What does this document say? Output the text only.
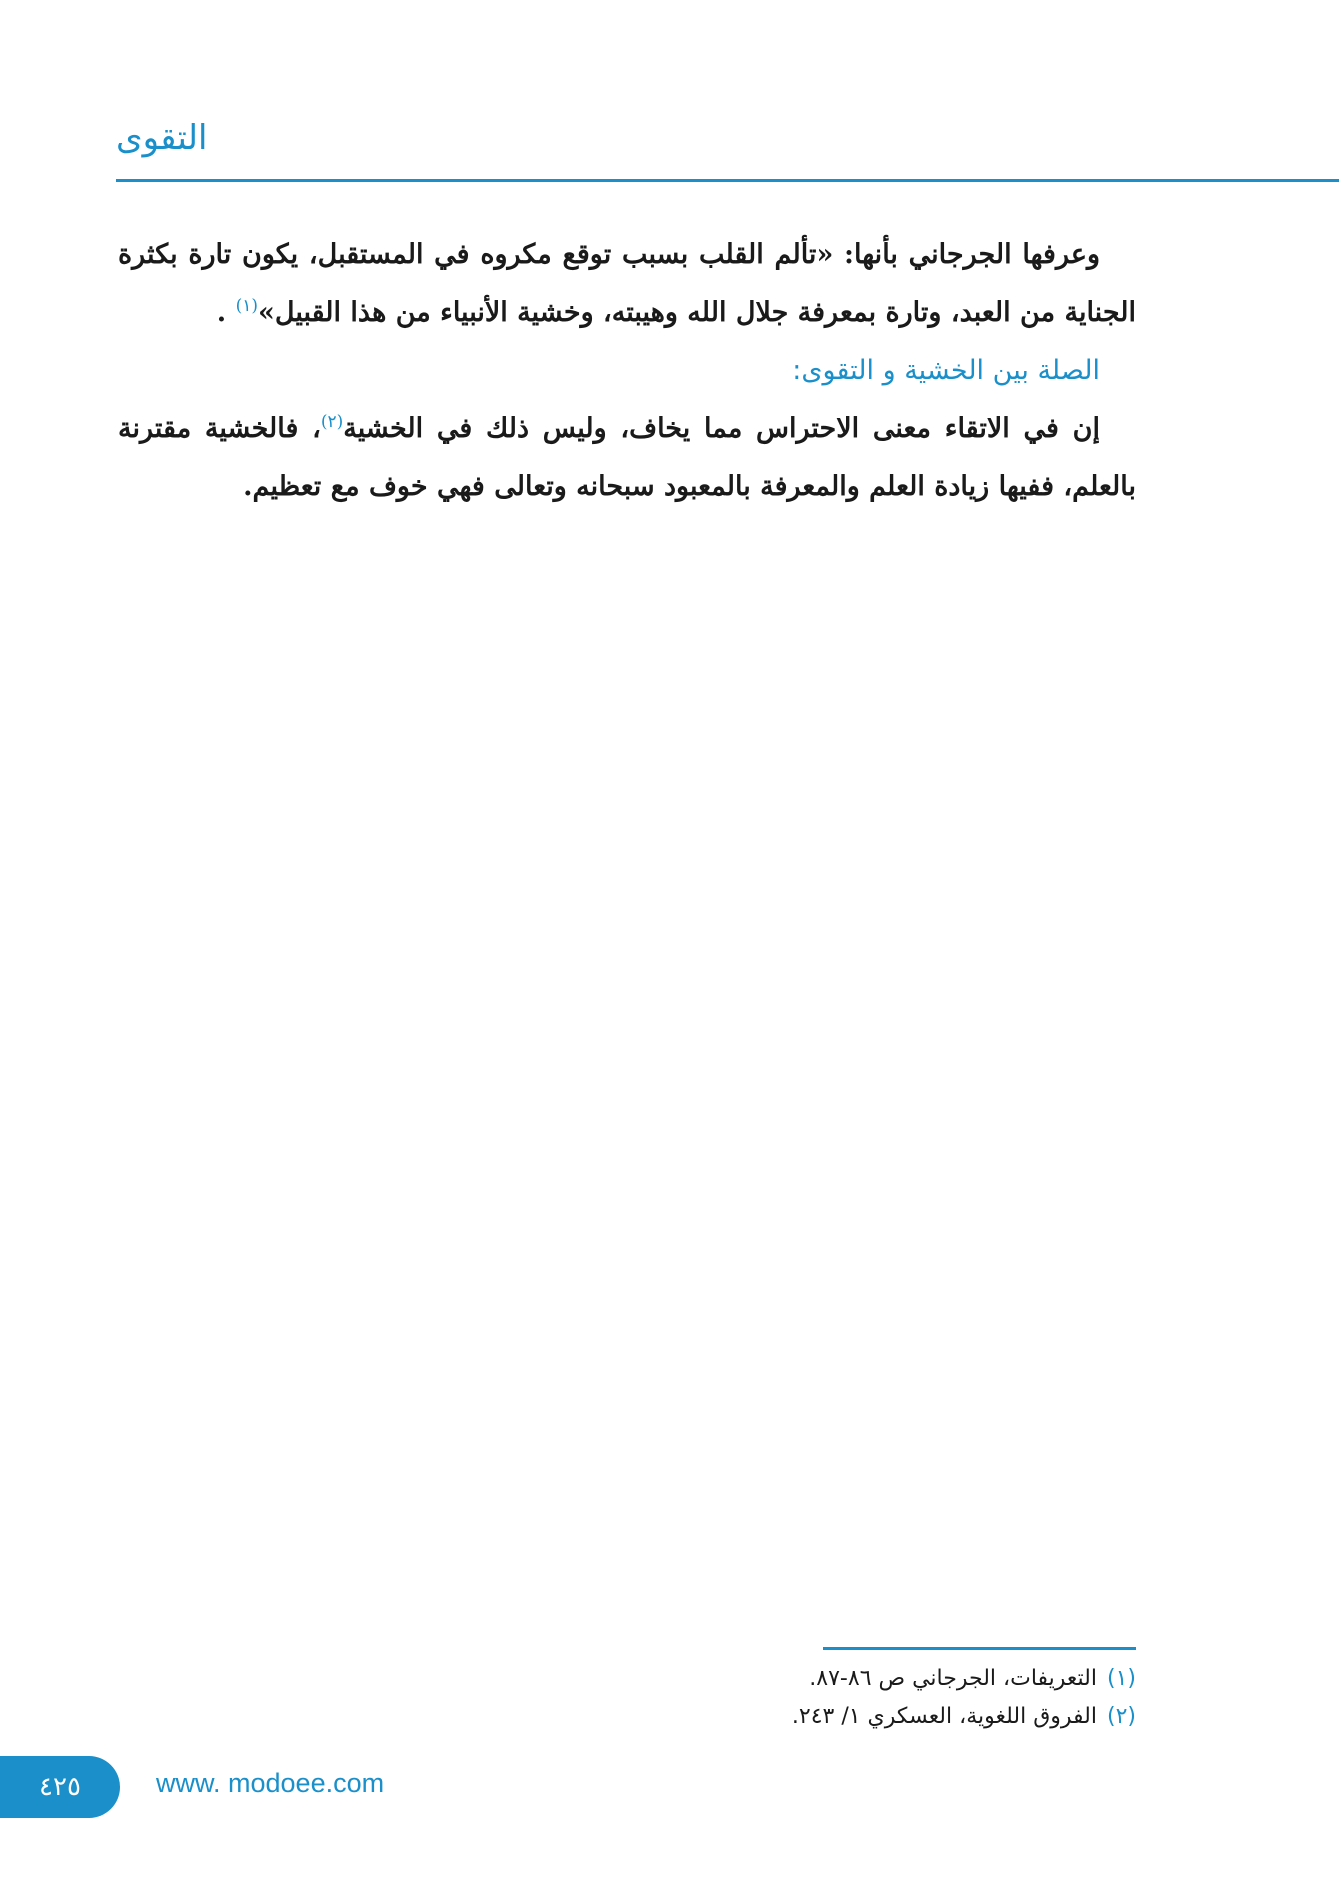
التقوى

وعرفها الجرجاني بأنها: «تألم القلب بسبب توقع مكروه في المستقبل، يكون تارة بكثرة الجناية من العبد، وتارة بمعرفة جلال الله وهيبته، وخشية الأنبياء من هذا القبيل»$^{(١)}$ .

الصلة بين الخشية و التقوى:

إن في الاتقاء معنى الاحتراس مما يخاف، وليس ذلك في الخشية$^{(٢)}$، فالخشية مقترنة بالعلم، ففيها زيادة العلم والمعرفة بالمعبود سبحانه وتعالى فهي خوف مع تعظيم.

(١)التعريفات، الجرجاني ص ٨٦-٨٧.
(٢)الفروق اللغوية، العسكري ١/ ٢٤٣.
٤٢٥	www. modoee.com
